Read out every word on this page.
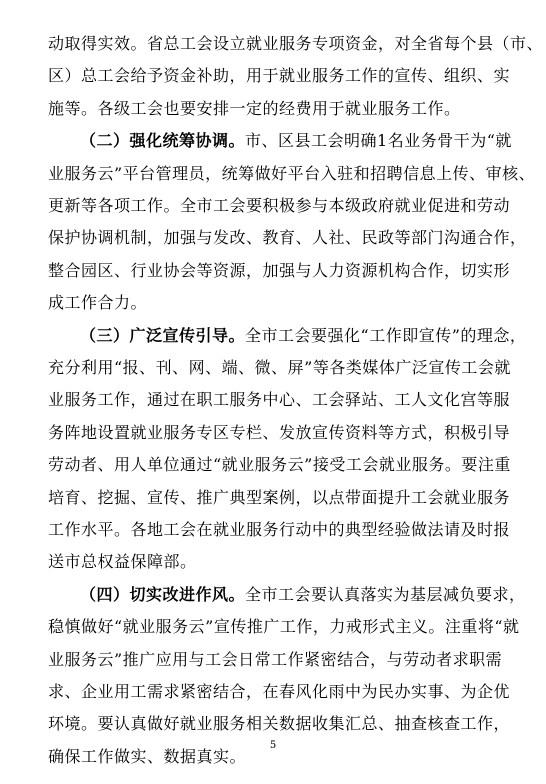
动取得实效。省总工会设立就业服务专项资金，对全省每个县（市、
区）总工会给予资金补助，用于就业服务工作的宣传、组织、实
施等。各级工会也要安排一定的经费用于就业服务工作。
（二）强化统筹协调。市、区县工会明确1名业务骨干为“就
业服务云”平台管理员，统筹做好平台入驻和招聘信息上传、审核、
更新等各项工作。全市工会要积极参与本级政府就业促进和劳动
保护协调机制，加强与发改、教育、人社、民政等部门沟通合作，
整合园区、行业协会等资源，加强与人力资源机构合作，切实形
成工作合力。
（三）广泛宣传引导。全市工会要强化“工作即宣传”的理念，
充分利用“报、刊、网、端、微、屏”等各类媒体广泛宣传工会就
业服务工作，通过在职工服务中心、工会驿站、工人文化宫等服
务阵地设置就业服务专区专栏、发放宣传资料等方式，积极引导
劳动者、用人单位通过“就业服务云”接受工会就业服务。要注重
培育、挖掘、宣传、推广典型案例，以点带面提升工会就业服务
工作水平。各地工会在就业服务行动中的典型经验做法请及时报
送市总权益保障部。
（四）切实改进作风。全市工会要认真落实为基层减负要求，
稳慎做好“就业服务云”宣传推广工作，力戒形式主义。注重将“就
业服务云”推广应用与工会日常工作紧密结合，与劳动者求职需
求、企业用工需求紧密结合，在春风化雨中为民办实事、为企优
环境。要认真做好就业服务相关数据收集汇总、抽查核查工作，
确保工作做实、数据真实。
5
